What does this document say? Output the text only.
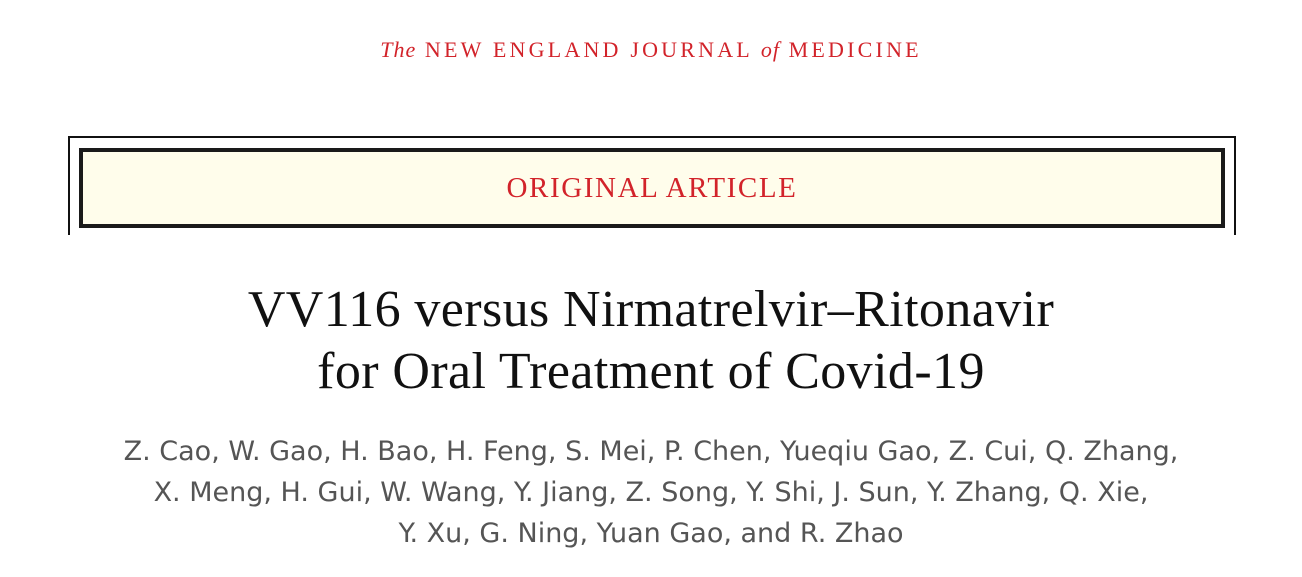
The NEW ENGLAND JOURNAL of MEDICINE
ORIGINAL ARTICLE
VV116 versus Nirmatrelvir–Ritonavir
for Oral Treatment of Covid-19
Z. Cao, W. Gao, H. Bao, H. Feng, S. Mei, P. Chen, Yueqiu Gao, Z. Cui, Q. Zhang,
X. Meng, H. Gui, W. Wang, Y. Jiang, Z. Song, Y. Shi, J. Sun, Y. Zhang, Q. Xie,
Y. Xu, G. Ning, Yuan Gao, and R. Zhao
